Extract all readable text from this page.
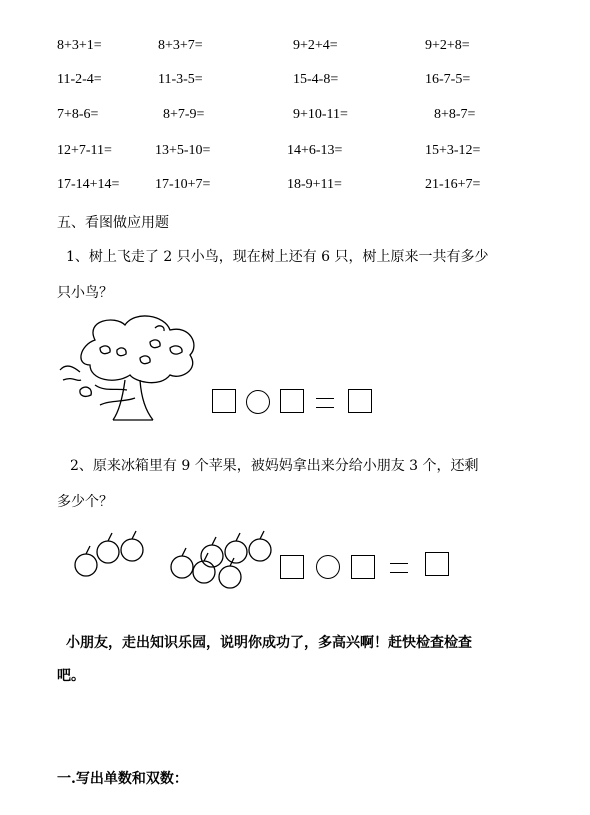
8+3+1=	8+3+7=	9+2+4=	9+2+8=
11-2-4=	11-3-5=	15-4-8=	16-7-5=
7+8-6=	8+7-9=	9+10-11=	8+8-7=
12+7-11=	13+5-10=	14+6-13=	15+3-12=
17-14+14=	17-10+7=	18-9+11=	21-16+7=
五、看图做应用题
1、树上飞走了 2 只小鸟，现在树上还有 6 只，树上原来一共有多少
只小鸟？
2、原来冰箱里有 9 个苹果，被妈妈拿出来分给小朋友 3 个，还剩
多少个？
小朋友，走出知识乐园，说明你成功了，多高兴啊！赶快检查检查
吧。
一.写出单数和双数：
